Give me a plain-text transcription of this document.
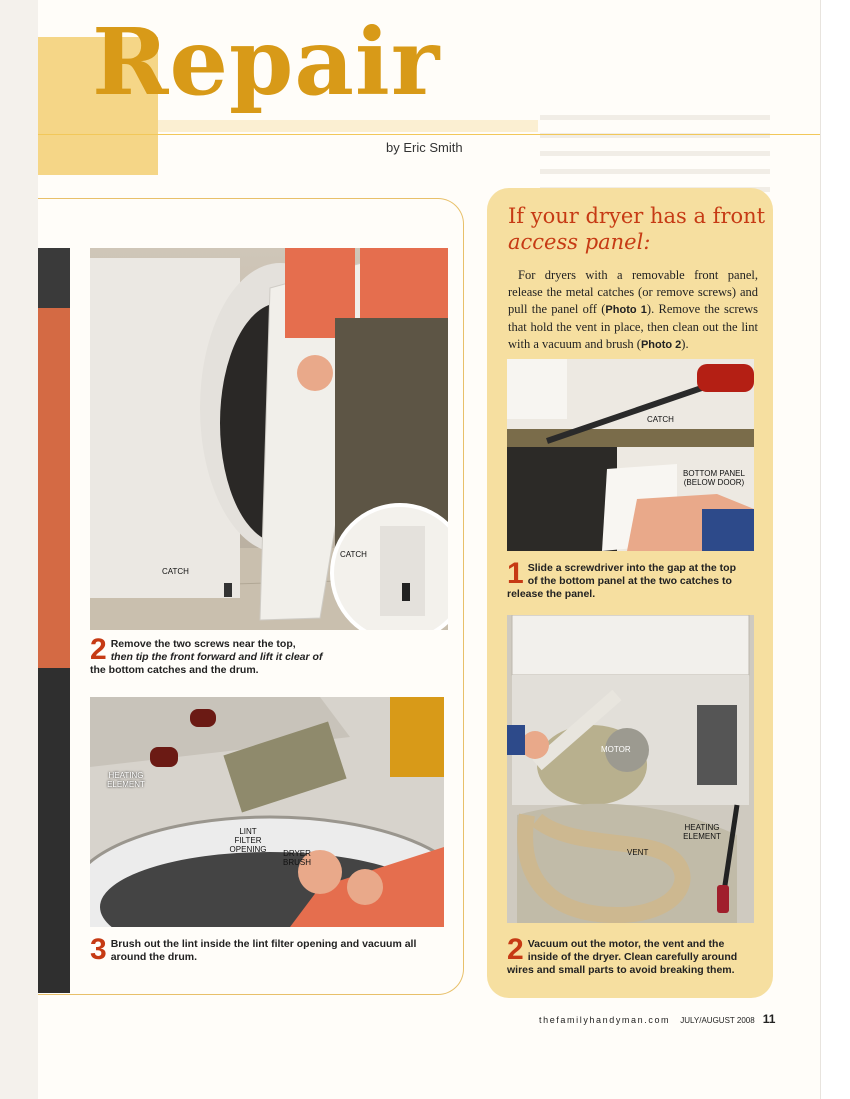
Repair
by Eric Smith
CATCH
CATCH
2 Remove the two screws near the top,
then tip the front forward and lift it clear of
the bottom catches and the drum.
HEATING ELEMENT
LINT FILTER OPENING	DRYER BRUSH
3 Brush out the lint inside the lint filter opening and vacuum all
around the drum.
If your dryer has a front
access panel:
For dryers with a removable front panel, release the metal catches (or remove screws) and pull the panel off (Photo 1). Remove the screws that hold the vent in place, then clean out the lint with a vacuum and brush (Photo 2).
CATCH
BOTTOM PANEL (BELOW DOOR)
1 Slide a screwdriver into the gap at the top
of the bottom panel at the two catches to
release the panel.
MOTOR
HEATING ELEMENT
VENT
2 Vacuum out the motor, the vent and the
inside of the dryer. Clean carefully around
wires and small parts to avoid breaking them.
thefamilyhandyman.com JULY/AUGUST 2008 11
